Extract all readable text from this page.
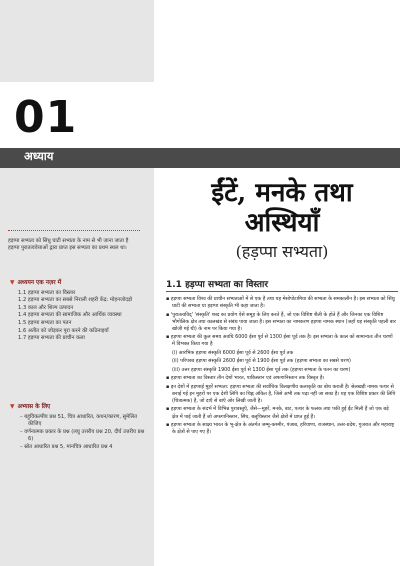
01
अध्याय
हड़प्पा सभ्यता को सिंधु घाटी सभ्यता के नाम से भी जाना जाता है हड़प्पा पुरातत्ववेत्ताओं द्वारा प्राप्त इस सभ्यता का प्रथम स्थल था।
▼ अध्ययन एक नज़र में
1.1 हड़प्पा सभ्यता का विस्तार
1.2 हड़प्पा सभ्यता का सबसे निराली शहरी केंद्र: मोहनजोदड़ो
1.3 काल और शिल्प उत्पादन
1.4 हड़प्पा सभ्यता की सामाजिक और आर्थिक व्यवस्था
1.5 हड़प्पा सभ्यता का पतन
1.6 अतीत को जोड़कर पूरा करने की कठिनाइयाँ
1.7 हड़प्पा सभ्यता की प्राचीन कला
▼ अभ्यास के लिए
– बहुविकल्पीय प्रश्न 51, चित्र आधारित, कथन/कारण, सुमेलित कीजिए
– वर्णनात्मक प्रकार के प्रश्न (लघु उत्तरीय प्रश्न 20, दीर्घ उत्तरीय प्रश्न 6)
– स्रोत आधारित प्रश्न 5, मानचित्र आधारित प्रश्न 4
ईंटें, मनके तथा
अस्थियाँ
(हड़प्पा सभ्यता)
1.1 हड़प्पा सभ्यता का विस्तार

▪ हड़प्पा सभ्यता विश्व की प्राचीन सभ्यताओं में से एक है तथा यह मेसोपोटामिया की सभ्यता के समकालीन है। इस सभ्यता को सिंधु घाटी की सभ्यता या हड़प्पा संस्कृति भी कहा जाता है।

▪ 'पुरातत्वविद्' 'संस्कृति' शब्द का प्रयोग ऐसे समूह के लिए करते हैं, जो एक विशिष्ट शैली के होते हैं और जिनका एक विशिष्ट भौगोलिक क्षेत्र तथा कालखंड से संबंध पाया जाता है। इस सभ्यता का नामकरण हड़प्पा नामक स्थान (जहाँ यह संस्कृति पहली बार खोजी गई थी) के नाम पर किया गया है।

▪ हड़प्पा सभ्यता की कुल समय अवधि 6000 ईसा पूर्व से 1300 ईसा पूर्व तक है। इस सभ्यता के काल को सामान्यतः तीन चरणों में विभक्त किया गया है

(i) आरंभिक हड़प्पा संस्कृति 6000 ईसा पूर्व से 2600 ईसा पूर्व तक

(ii) परिपक्व हड़प्पा संस्कृति 2600 ईसा पूर्व से 1900 ईसा पूर्व तक (हड़प्पा सभ्यता का सबसे चरण)

(iii) उत्तर हड़प्पा संस्कृति 1900 ईसा पूर्व से 1300 ईसा पूर्व तक (हड़प्पा सभ्यता के पतन का चरण)

▪ हड़प्पा सभ्यता का विस्तार तीन देशों भारत, पाकिस्तान एवं अफगानिस्तान तक विस्तृत है।

▪ इन देशों में हड़प्पाई मुहरें सभ्यता: हड़प्पा सभ्यता की सर्वाधिक विलक्षणीय कलाकृति का बोध कराती है। सेलखड़ी नामक पत्थर से बनाई गई इन मुहरों पर एक देशी लिपि का चिह्न अंकित है, जिसे अभी तक पढ़ा नहीं जा सका है। यह एक विशिष्ट प्रकार की लिपि (चित्रात्मक) है, जो दाएँ से बाएँ ओर लिखी जाती है।

▪ हड़प्पा सभ्यता के संदर्भ में विभिन्न पुरावस्तुएँ, जैसे—मुहरें, मनके, बाट, पत्थर के फलक तथा पकी हुई ईंट मिली हैं जो एक बड़े क्षेत्र में पाई जाती हैं जो अफगानिस्तान, सिंध, बलूचिस्तान जैसे क्षेत्रों में प्राप्त हुई हैं।

▪ हड़प्पा सभ्यता के साक्ष्य भारत के भू-क्षेत्र के अंतर्गत जम्मू-कश्मीर, पंजाब, हरियाणा, राजस्थान, उत्तर-प्रदेश, गुजरात और महाराष्ट्र के क्षेत्रों से पाए गए हैं।
